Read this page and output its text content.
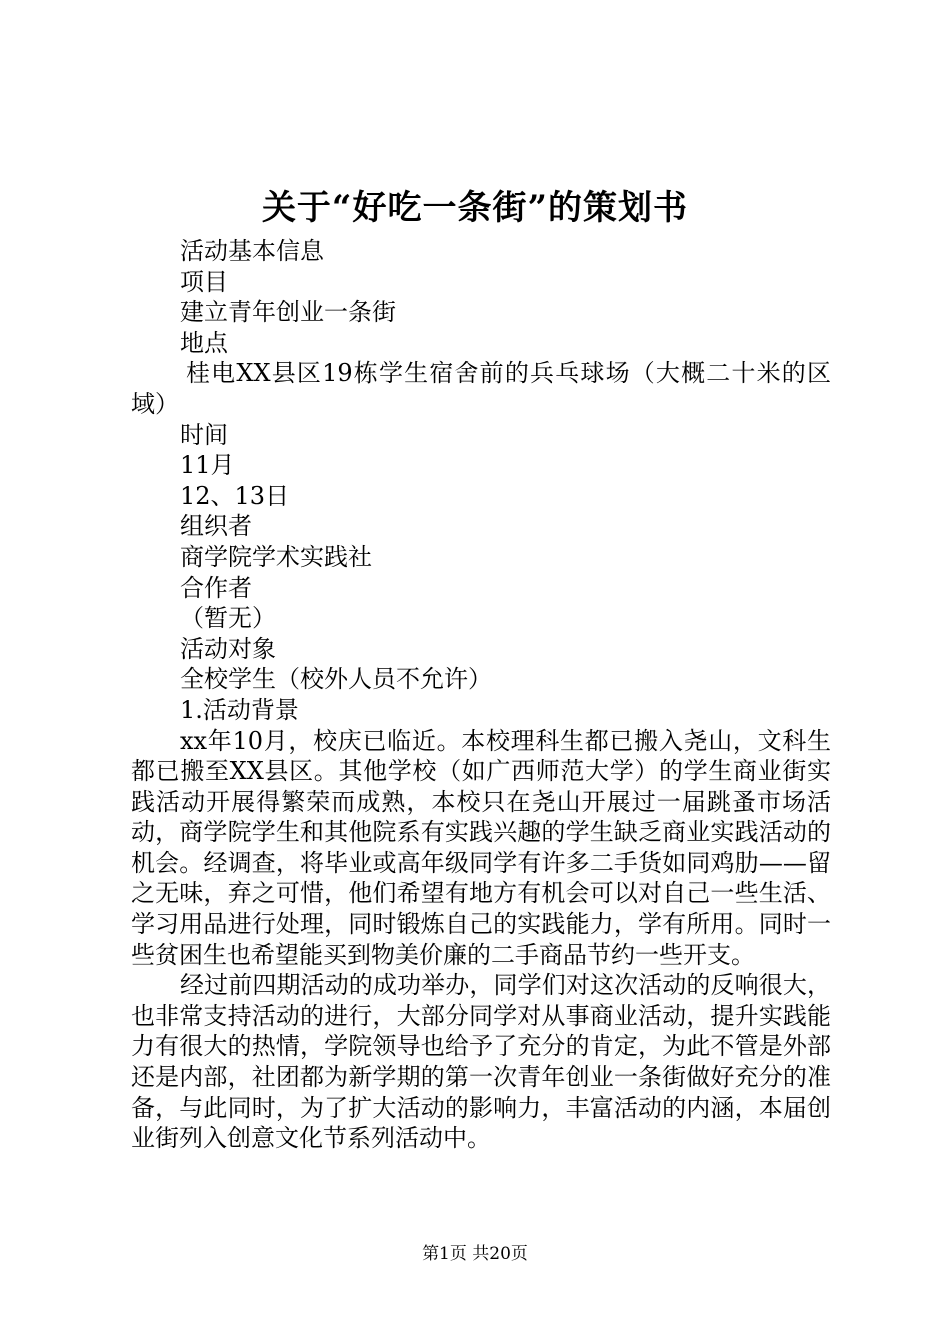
关于“好吃一条街”的策划书

活动基本信息

项目

建立青年创业一条街

地点

桂电XX县区19栋学生宿舍前的兵乓球场（大概二十米的区域）

时间

11月

12、13日

组织者

商学院学术实践社

合作者

（暂无）

活动对象

全校学生（校外人员不允许）

1.活动背景

xx年10月，校庆已临近。本校理科生都已搬入尧山，文科生都已搬至XX县区。其他学校（如广西师范大学）的学生商业街实践活动开展得繁荣而成熟，本校只在尧山开展过一届跳蚤市场活动，商学院学生和其他院系有实践兴趣的学生缺乏商业实践活动的机会。经调查，将毕业或高年级同学有许多二手货如同鸡肋——留之无味，弃之可惜，他们希望有地方有机会可以对自己一些生活、学习用品进行处理，同时锻炼自己的实践能力，学有所用。同时一些贫困生也希望能买到物美价廉的二手商品节约一些开支。

经过前四期活动的成功举办，同学们对这次活动的反响很大，也非常支持活动的进行，大部分同学对从事商业活动，提升实践能力有很大的热情，学院领导也给予了充分的肯定，为此不管是外部还是内部，社团都为新学期的第一次青年创业一条街做好充分的准备，与此同时，为了扩大活动的影响力，丰富活动的内涵，本届创业街列入创意文化节系列活动中。

第1页 共20页
